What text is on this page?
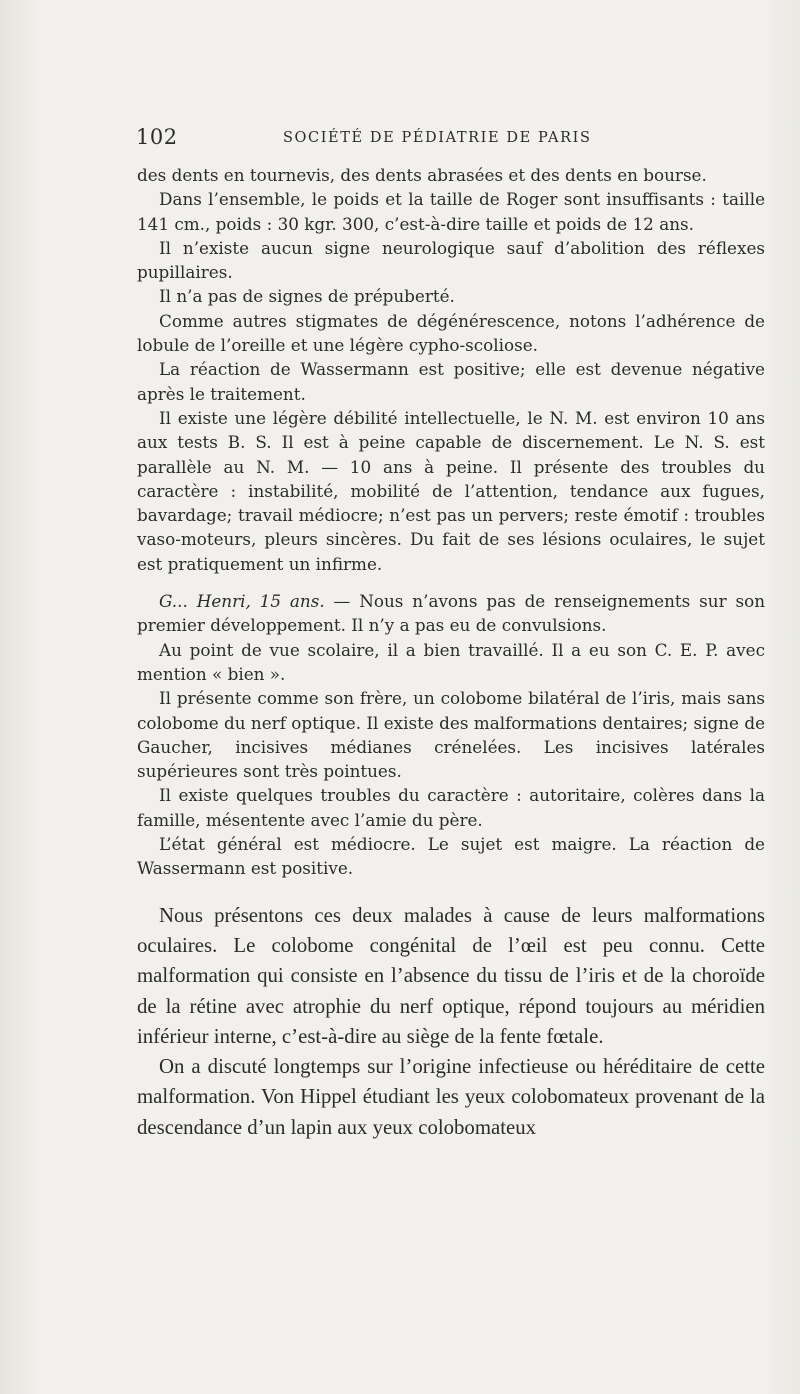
102	SOCIÉTÉ DE PÉDIATRIE DE PARIS

des dents en tournevis, des dents abrasées et des dents en bourse.

Dans l’ensemble, le poids et la taille de Roger sont insuffisants : taille 141 cm., poids : 30 kgr. 300, c’est-à-dire taille et poids de 12 ans.

Il n’existe aucun signe neurologique sauf d’abolition des réflexes pupillaires.

Il n’a pas de signes de prépuberté.

Comme autres stigmates de dégénérescence, notons l’adhérence de lobule de l’oreille et une légère cypho-scoliose.

La réaction de Wassermann est positive; elle est devenue négative après le traitement.

Il existe une légère débilité intellectuelle, le N. M. est environ 10 ans aux tests B. S. Il est à peine capable de discernement. Le N. S. est parallèle au N. M. — 10 ans à peine. Il présente des troubles du caractère : instabilité, mobilité de l’attention, tendance aux fugues, bavardage; travail médiocre; n’est pas un pervers; reste émotif : troubles vaso-moteurs, pleurs sincères. Du fait de ses lésions oculaires, le sujet est pratiquement un infirme.

G... Henri, 15 ans. — Nous n’avons pas de renseignements sur son premier développement. Il n’y a pas eu de convulsions.

Au point de vue scolaire, il a bien travaillé. Il a eu son C. E. P. avec mention « bien ».

Il présente comme son frère, un colobome bilatéral de l’iris, mais sans colobome du nerf optique. Il existe des malformations dentaires; signe de Gaucher, incisives médianes crénelées. Les incisives latérales supérieures sont très pointues.

Il existe quelques troubles du caractère : autoritaire, colères dans la famille, mésentente avec l’amie du père.

L’état général est médiocre. Le sujet est maigre. La réaction de Wassermann est positive.

Nous présentons ces deux malades à cause de leurs malformations oculaires. Le colobome congénital de l’œil est peu connu. Cette malformation qui consiste en l’absence du tissu de l’iris et de la choroïde de la rétine avec atrophie du nerf optique, répond toujours au méridien inférieur interne, c’est-à-dire au siège de la fente fœtale.

On a discuté longtemps sur l’origine infectieuse ou héréditaire de cette malformation. Von Hippel étudiant les yeux colobomateux provenant de la descendance d’un lapin aux yeux colobomateux
